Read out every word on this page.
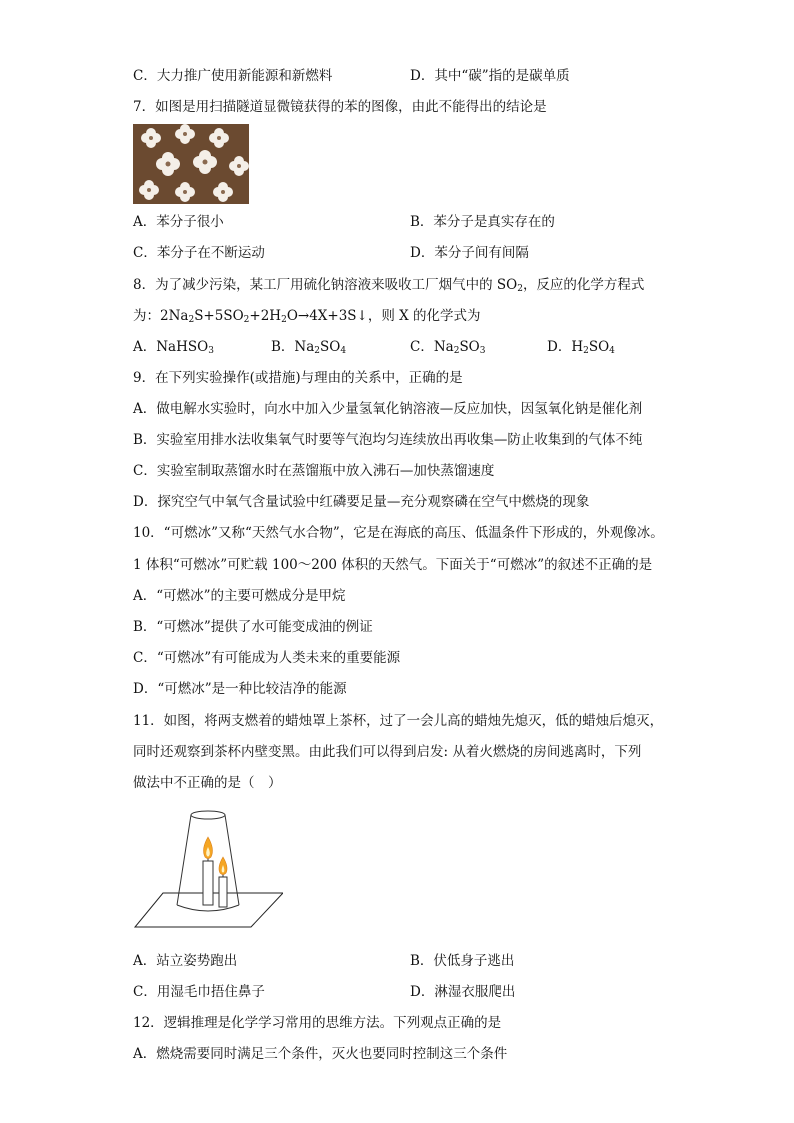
C．大力推广使用新能源和新燃料	D．其中“碳”指的是碳单质
7．如图是用扫描隧道显微镜获得的苯的图像，由此不能得出的结论是
A．苯分子很小	B．苯分子是真实存在的
C．苯分子在不断运动	D．苯分子间有间隔
8．为了减少污染，某工厂用硫化钠溶液来吸收工厂烟气中的 $SO_2$，反应的化学方程式
为：$2Na_2S+5SO_2+2H_2O\to 4X+3S↓$，则 X 的化学式为
A．NaHSO$_3$	B．$Na_2SO_4$	C．$Na_2SO_3$	D．$H_2SO_4$
9．在下列实验操作(或措施)与理由的关系中，正确的是
A．做电解水实验时，向水中加入少量氢氧化钠溶液—反应加快，因氢氧化钠是催化剂
B．实验室用排水法收集氧气时要等气泡均匀连续放出再收集—防止收集到的气体不纯
C．实验室制取蒸馏水时在蒸馏瓶中放入沸石—加快蒸馏速度
D．探究空气中氧气含量试验中红磷要足量—充分观察磷在空气中燃烧的现象
10．“可燃冰”又称“天然气水合物”，它是在海底的高压、低温条件下形成的，外观像冰。
1 体积“可燃冰”可贮载 100～200 体积的天然气。下面关于“可燃冰”的叙述不正确的是
A．“可燃冰”的主要可燃成分是甲烷
B．“可燃冰”提供了水可能变成油的例证
C．“可燃冰”有可能成为人类未来的重要能源
D．“可燃冰”是一种比较洁净的能源
11．如图，将两支燃着的蜡烛罩上茶杯，过了一会儿高的蜡烛先熄灭，低的蜡烛后熄灭，
同时还观察到茶杯内壁变黑。由此我们可以得到启发: 从着火燃烧的房间逃离时，下列
做法中不正确的是（　）
A．站立姿势跑出	B．伏低身子逃出
C．用湿毛巾捂住鼻子	D．淋湿衣服爬出
12．逻辑推理是化学学习常用的思维方法。下列观点正确的是
A．燃烧需要同时满足三个条件，灭火也要同时控制这三个条件
